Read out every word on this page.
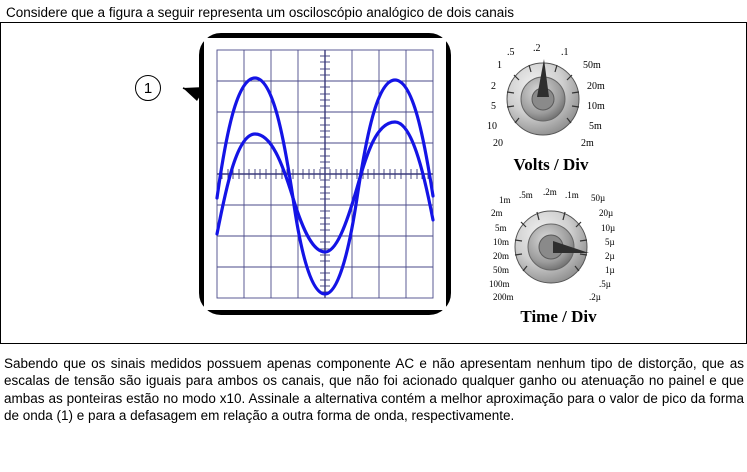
Considere que a figura a seguir representa um osciloscópio analógico de dois canais
1
.5 .2 .1
50m
20m
10m
5m
2m
20
10
5
2
1
Volts / Div
1m .5m .2m .1m 50µ
20µ
10µ
5µ
2µ
1µ
.5µ
.2µ
200m
100m
50m
20m
10m
5m
2m
Time / Div

Sabendo que os sinais medidos possuem apenas componente AC e não apresentam nenhum tipo de distorção, que as escalas de tensão são iguais para ambos os canais, que não foi acionado qualquer ganho ou atenuação no painel e que ambas as ponteiras estão no modo x10. Assinale a alternativa contém a melhor aproximação para o valor de pico da forma de onda (1) e para a defasagem em relação a outra forma de onda, respectivamente.
